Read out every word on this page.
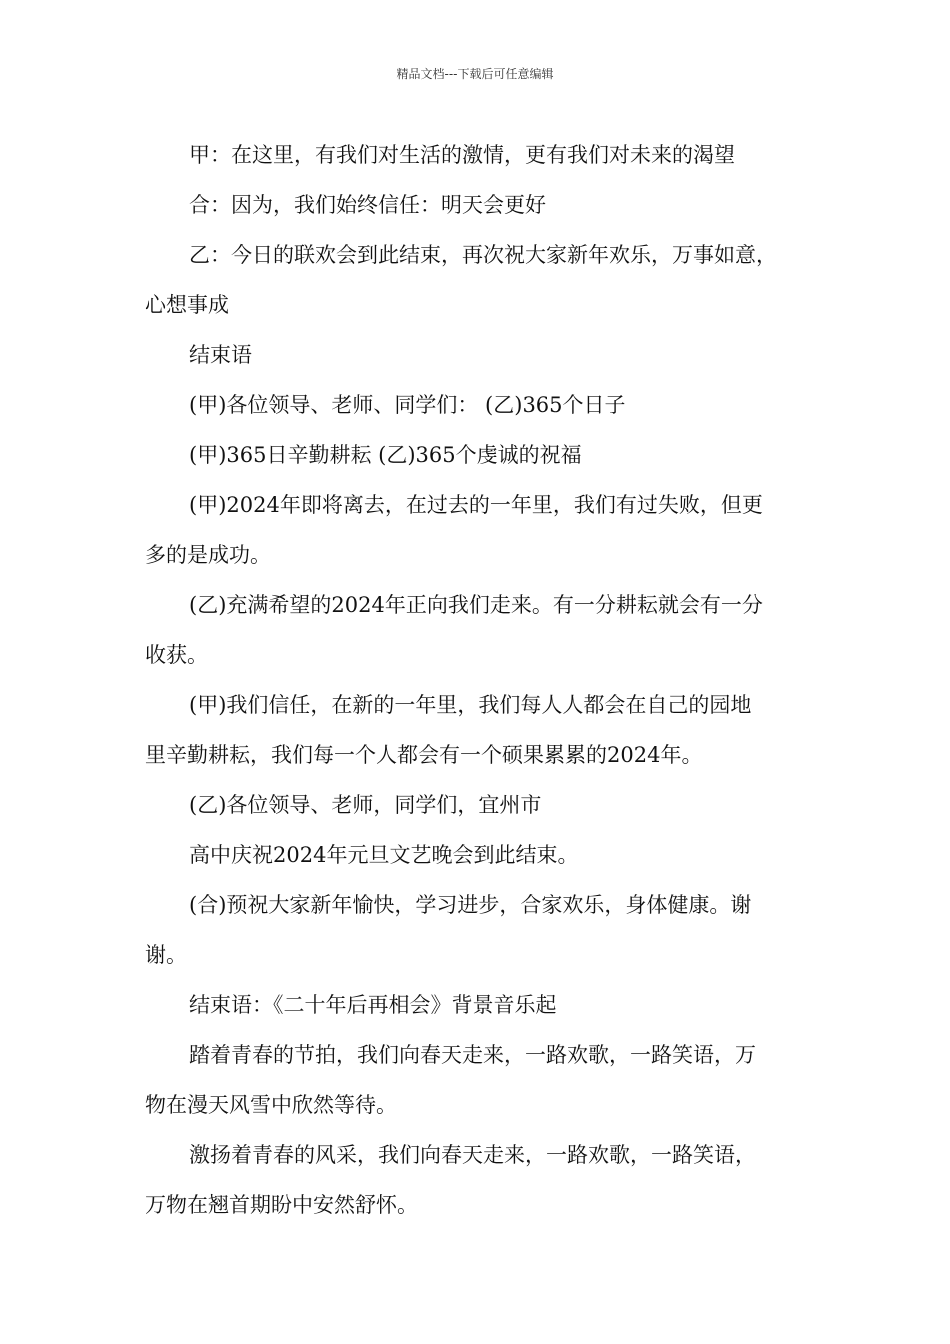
精品文档---下载后可任意编辑

甲：在这里，有我们对生活的激情，更有我们对未来的渴望

合：因为，我们始终信任：明天会更好

乙：今日的联欢会到此结束，再次祝大家新年欢乐，万事如意，

心想事成

结束语

(甲)各位领导、老师、同学们： (乙)365个日子

(甲)365日辛勤耕耘 (乙)365个虔诚的祝福

(甲)2024年即将离去，在过去的一年里，我们有过失败，但更

多的是成功。

(乙)充满希望的2024年正向我们走来。有一分耕耘就会有一分

收获。

(甲)我们信任，在新的一年里，我们每人人都会在自己的园地

里辛勤耕耘，我们每一个人都会有一个硕果累累的2024年。

(乙)各位领导、老师，同学们，宜州市

高中庆祝2024年元旦文艺晚会到此结束。

(合)预祝大家新年愉快，学习进步，合家欢乐，身体健康。谢

谢。

结束语：《二十年后再相会》背景音乐起

踏着青春的节拍，我们向春天走来，一路欢歌，一路笑语，万

物在漫天风雪中欣然等待。

激扬着青春的风采，我们向春天走来，一路欢歌，一路笑语，

万物在翘首期盼中安然舒怀。
